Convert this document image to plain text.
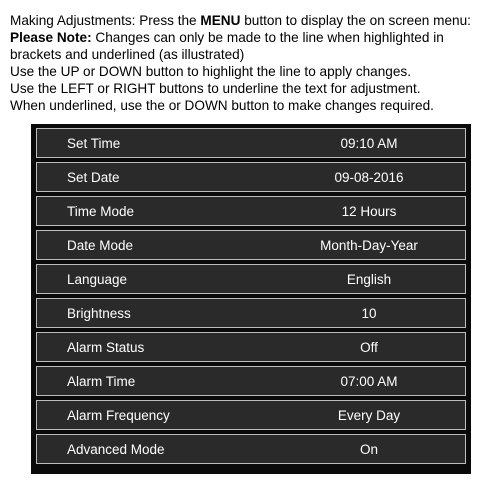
Making Adjustments: Press the MENU button to display the on screen menu:
Please Note: Changes can only be made to the line when highlighted in
brackets and underlined (as illustrated)
Use the UP or DOWN button to highlight the line to apply changes.
Use the LEFT or RIGHT buttons to underline the text for adjustment.
When underlined, use the or DOWN button to make changes required.
Set Time	09:10 AM
Set Date	09-08-2016
Time Mode	12 Hours
Date Mode	Month-Day-Year
Language	English
Brightness	10
Alarm Status	Off
Alarm Time	07:00 AM
Alarm Frequency	Every Day
Advanced Mode	On
